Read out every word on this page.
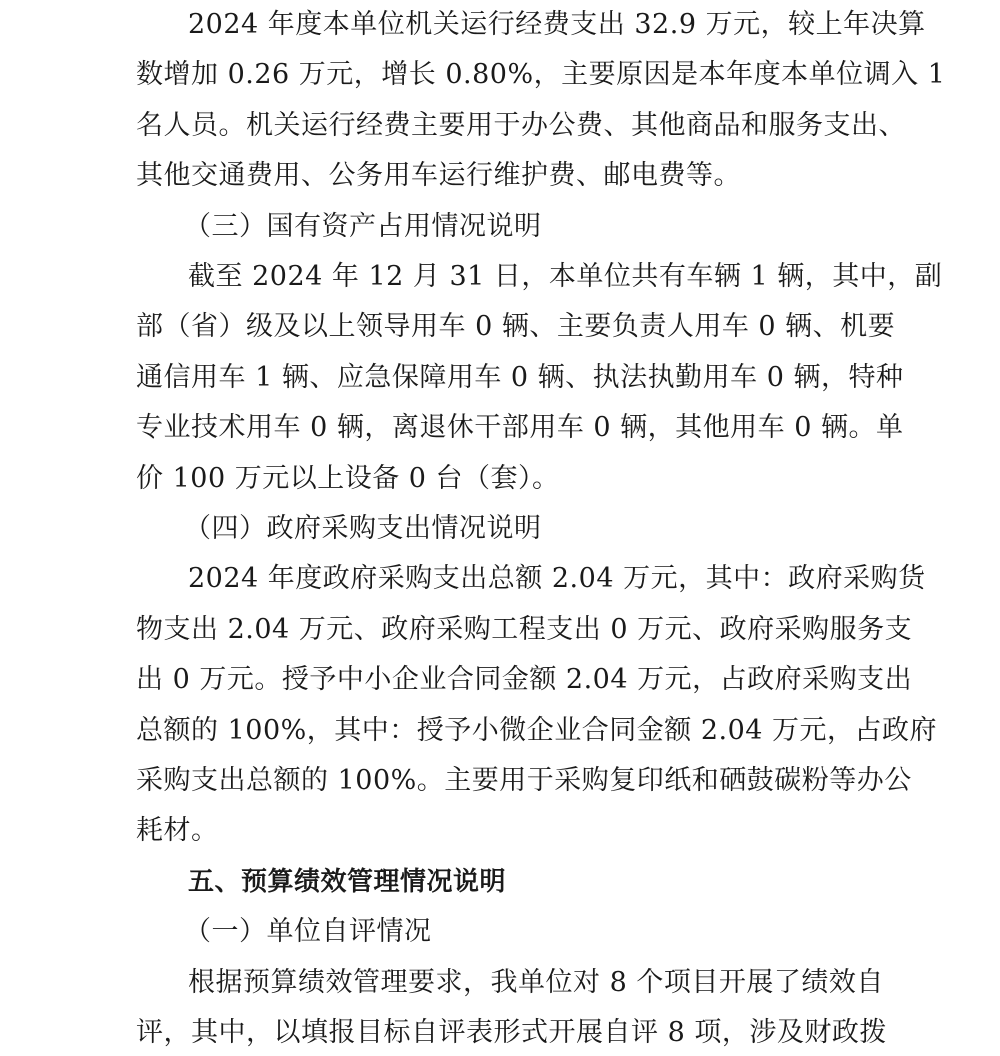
2024 年度本单位机关运行经费支出 32.9 万元，较上年决算
数增加 0.26 万元，增长 0.80%，主要原因是本年度本单位调入 1
名人员。机关运行经费主要用于办公费、其他商品和服务支出、
其他交通费用、公务用车运行维护费、邮电费等。
（三）国有资产占用情况说明
截至 2024 年 12 月 31 日，本单位共有车辆 1 辆，其中，副
部（省）级及以上领导用车 0 辆、主要负责人用车 0 辆、机要
通信用车 1 辆、应急保障用车 0 辆、执法执勤用车 0 辆，特种
专业技术用车 0 辆，离退休干部用车 0 辆，其他用车 0 辆。单
价 100 万元以上设备 0 台（套）。
（四）政府采购支出情况说明
2024 年度政府采购支出总额 2.04 万元，其中：政府采购货
物支出 2.04 万元、政府采购工程支出 0 万元、政府采购服务支
出 0 万元。授予中小企业合同金额 2.04 万元，占政府采购支出
总额的 100%，其中：授予小微企业合同金额 2.04 万元，占政府
采购支出总额的 100%。主要用于采购复印纸和硒鼓碳粉等办公
耗材。
五、预算绩效管理情况说明
（一）单位自评情况
根据预算绩效管理要求，我单位对 8 个项目开展了绩效自
评，其中，以填报目标自评表形式开展自评 8 项，涉及财政拨
